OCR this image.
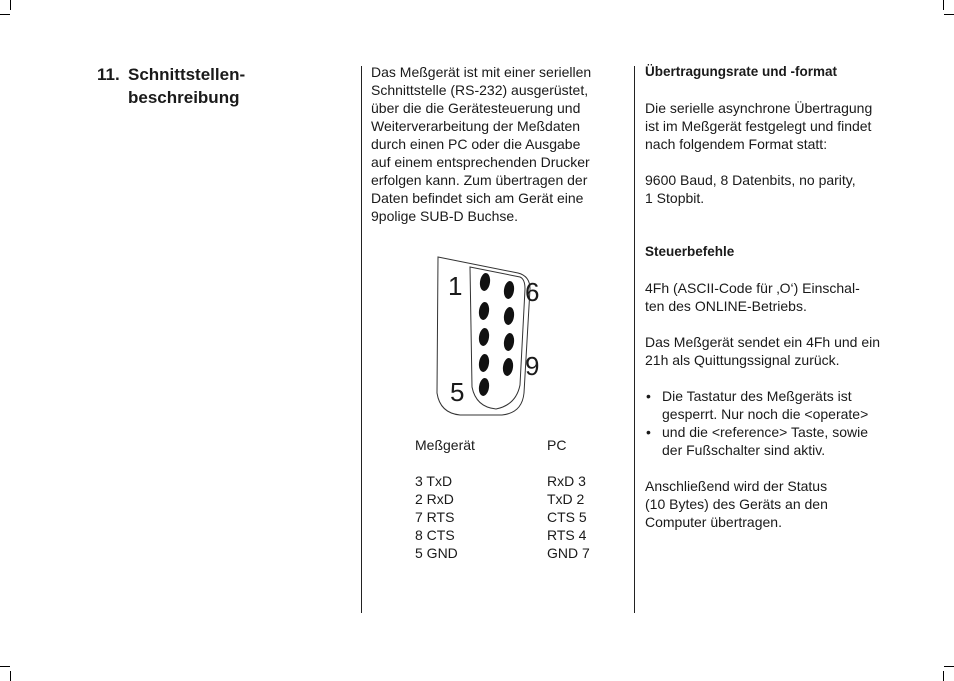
11. Schnittstellen-
beschreibung

Das Meßgerät ist mit einer seriellen

Schnittstelle (RS-232) ausgerüstet,

über die die Gerätesteuerung und

Weiterverarbeitung der Meßdaten

durch einen PC oder die Ausgabe

auf einem entsprechenden Drucker

erfolgen kann. Zum übertragen der

Daten befindet sich am Gerät eine

9polige SUB-D Buchse.

1 6
9
5
Meßgerät	PC
3 TxD	RxD 3
2 RxD	TxD 2
7 RTS	CTS 5
8 CTS	RTS 4
5 GND	GND 7

Übertragungsrate und -format

Die serielle asynchrone Übertragung

ist im Meßgerät festgelegt und findet

nach folgendem Format statt:

9600 Baud, 8 Datenbits, no parity,

1 Stopbit.

Steuerbefehle

4Fh (ASCII-Code für ‚O‘) Einschal-

ten des ONLINE-Betriebs.

Das Meßgerät sendet ein 4Fh und ein

21h als Quittungssignal zurück.

• Die Tastatur des Meßgeräts ist
gesperrt. Nur noch die <operate>
• und die <reference> Taste, sowie
der Fußschalter sind aktiv.

Anschließend wird der Status

(10 Bytes) des Geräts an den

Computer übertragen.
